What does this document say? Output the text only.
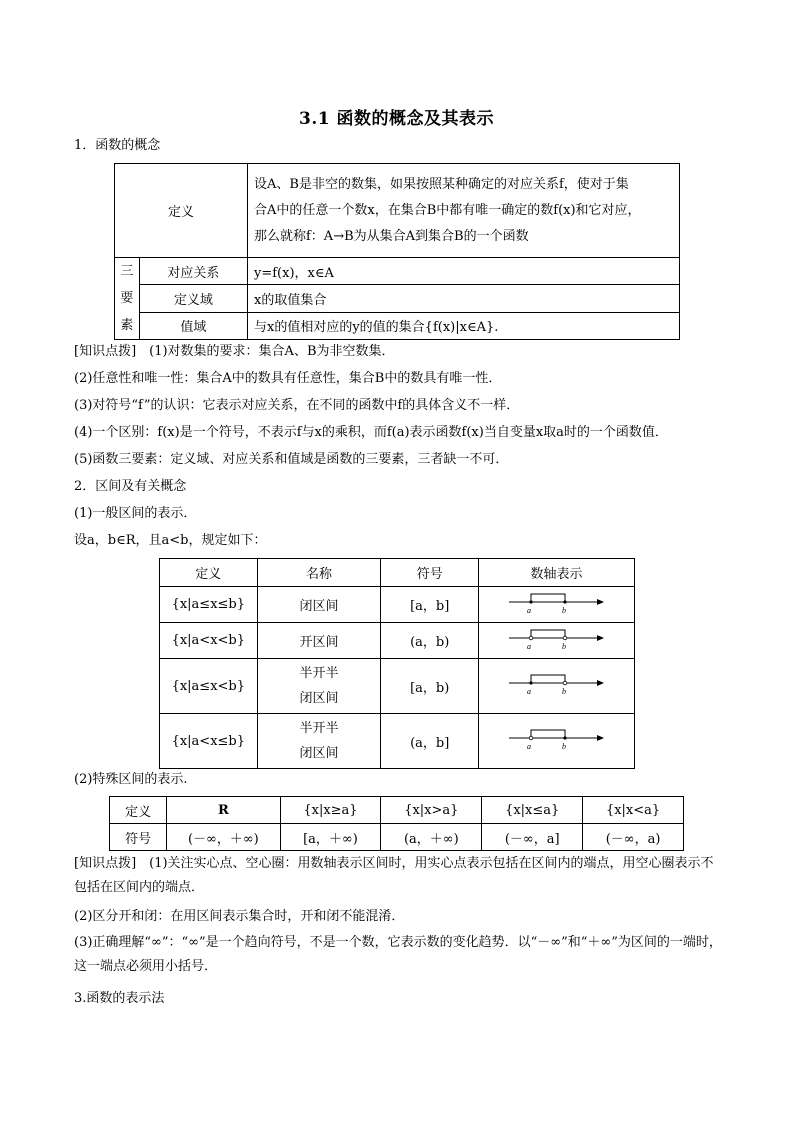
3.1 函数的概念及其表示
1．函数的概念
定义		设A、B是非空的数集，如果按照某种确定的对应关系f，使对于集
合A中的任意一个数x，在集合B中都有唯一确定的数f(x)和它对应，
那么就称f：A→B为从集合A到集合B的一个函数

三
要
素	对应关系	y=f(x)，x∈A
	定义域	x的取值集合
	值域	与x的值相对应的y的值的集合{f(x)|x∈A}.
[知识点拨]　(1)对数集的要求：集合A、B为非空数集．
(2)任意性和唯一性：集合A中的数具有任意性，集合B中的数具有唯一性．
(3)对符号“f”的认识：它表示对应关系，在不同的函数中f的具体含义不一样．
(4)一个区别：f(x)是一个符号，不表示f与x的乘积，而f(a)表示函数f(x)当自变量x取a时的一个函数值．
(5)函数三要素：定义域、对应关系和值域是函数的三要素，三者缺一不可．
2．区间及有关概念
(1)一般区间的表示．
设a，b∈R，且a<b，规定如下：
定义	名称	符号	数轴表示
{x|a≤x≤b}	闭区间	[a，b]	a b

{x|a<x<b}	开区间	(a，b)	a b

{x|a≤x<b}	半开半
闭区间	[a，b)	a b

{x|a<x≤b}	半开半
闭区间	(a，b]	a b
(2)特殊区间的表示.
定义	R	{x|x≥a}	{x|x>a}	{x|x≤a}	{x|x<a}
符号	(－∞，＋∞)	[a，＋∞)	(a，＋∞)	(－∞，a]	(－∞，a)
[知识点拨]　(1)关注实心点、空心圈：用数轴表示区间时，用实心点表示包括在区间内的端点，用空心圈表示不包括在区间内的端点．
(2)区分开和闭：在用区间表示集合时，开和闭不能混淆．
(3)正确理解“∞”：“∞”是一个趋向符号，不是一个数，它表示数的变化趋势．以“－∞”和“＋∞”为区间的一端时，这一端点必须用小括号．
3.函数的表示法
